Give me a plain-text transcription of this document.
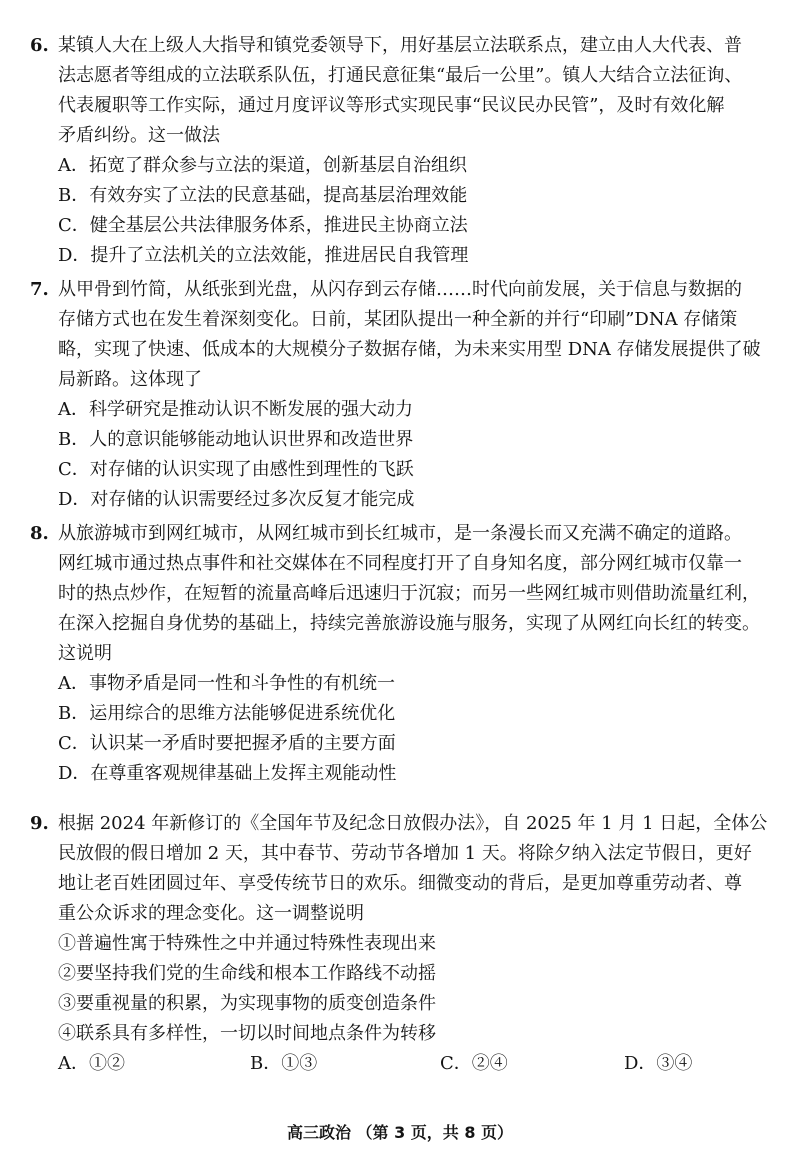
6. 某镇人大在上级人大指导和镇党委领导下，用好基层立法联系点，建立由人大代表、普
法志愿者等组成的立法联系队伍，打通民意征集“最后一公里”。镇人大结合立法征询、
代表履职等工作实际，通过月度评议等形式实现民事“民议民办民管”，及时有效化解
矛盾纠纷。这一做法
A．拓宽了群众参与立法的渠道，创新基层自治组织
B．有效夯实了立法的民意基础，提高基层治理效能
C．健全基层公共法律服务体系，推进民主协商立法
D．提升了立法机关的立法效能，推进居民自我管理
7. 从甲骨到竹简，从纸张到光盘，从闪存到云存储……时代向前发展，关于信息与数据的
存储方式也在发生着深刻变化。日前，某团队提出一种全新的并行“印刷”DNA 存储策
略，实现了快速、低成本的大规模分子数据存储，为未来实用型 DNA 存储发展提供了破
局新路。这体现了
A．科学研究是推动认识不断发展的强大动力
B．人的意识能够能动地认识世界和改造世界
C．对存储的认识实现了由感性到理性的飞跃
D．对存储的认识需要经过多次反复才能完成
8. 从旅游城市到网红城市，从网红城市到长红城市，是一条漫长而又充满不确定的道路。
网红城市通过热点事件和社交媒体在不同程度打开了自身知名度，部分网红城市仅靠一
时的热点炒作，在短暂的流量高峰后迅速归于沉寂；而另一些网红城市则借助流量红利，
在深入挖掘自身优势的基础上，持续完善旅游设施与服务，实现了从网红向长红的转变。
这说明
A．事物矛盾是同一性和斗争性的有机统一
B．运用综合的思维方法能够促进系统优化
C．认识某一矛盾时要把握矛盾的主要方面
D．在尊重客观规律基础上发挥主观能动性
9. 根据 2024 年新修订的《全国年节及纪念日放假办法》，自 2025 年 1 月 1 日起，全体公
民放假的假日增加 2 天，其中春节、劳动节各增加 1 天。将除夕纳入法定节假日，更好
地让老百姓团圆过年、享受传统节日的欢乐。细微变动的背后，是更加尊重劳动者、尊
重公众诉求的理念变化。这一调整说明
①普遍性寓于特殊性之中并通过特殊性表现出来
②要坚持我们党的生命线和根本工作路线不动摇
③要重视量的积累，为实现事物的质变创造条件
④联系具有多样性，一切以时间地点条件为转移
A．①②	B．①③	C．②④	D．③④
高三政治 （第 3 页，共 8 页）
